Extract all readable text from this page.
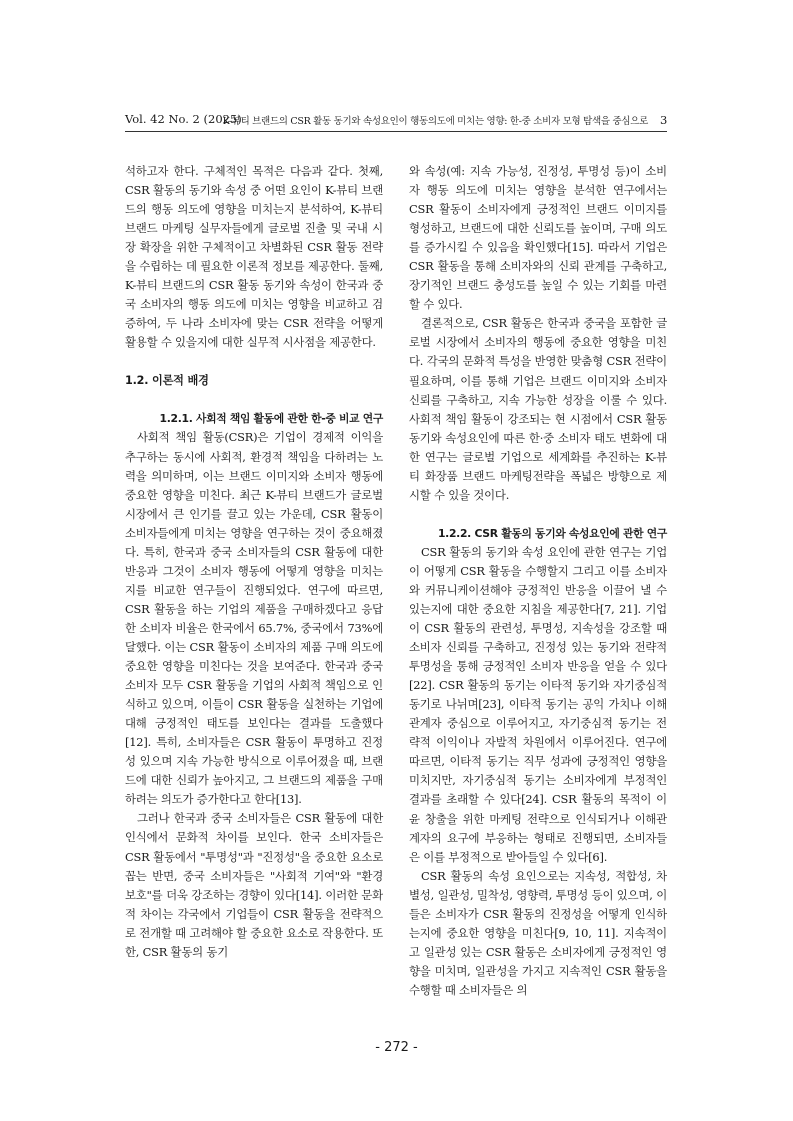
Vol. 42 No. 2 (2025)
K-뷰티 브랜드의 CSR 활동 동기와 속성요인이 행동의도에 미치는 영향: 한-중 소비자 모형 탐색을 중심으로 3

석하고자 한다. 구체적인 목적은 다음과 같다. 첫째, CSR 활동의 동기와 속성 중 어떤 요인이 K-뷰티 브랜드의 행동 의도에 영향을 미치는지 분석하여, K-뷰티 브랜드 마케팅 실무자들에게 글로벌 진출 및 국내 시장 확장을 위한 구체적이고 차별화된 CSR 활동 전략을 수립하는 데 필요한 이론적 정보를 제공한다. 둘째, K-뷰티 브랜드의 CSR 활동 동기와 속성이 한국과 중국 소비자의 행동 의도에 미치는 영향을 비교하고 검증하여, 두 나라 소비자에 맞는 CSR 전략을 어떻게 활용할 수 있을지에 대한 실무적 시사점을 제공한다.

1.2. 이론적 배경
1.2.1. 사회적 책임 활동에 관한 한-중 비교 연구

사회적 책임 활동(CSR)은 기업이 경제적 이익을 추구하는 동시에 사회적, 환경적 책임을 다하려는 노력을 의미하며, 이는 브랜드 이미지와 소비자 행동에 중요한 영향을 미친다. 최근 K-뷰티 브랜드가 글로벌 시장에서 큰 인기를 끌고 있는 가운데, CSR 활동이 소비자들에게 미치는 영향을 연구하는 것이 중요해졌다. 특히, 한국과 중국 소비자들의 CSR 활동에 대한 반응과 그것이 소비자 행동에 어떻게 영향을 미치는지를 비교한 연구들이 진행되었다. 연구에 따르면, CSR 활동을 하는 기업의 제품을 구매하겠다고 응답한 소비자 비율은 한국에서 65.7%, 중국에서 73%에 달했다. 이는 CSR 활동이 소비자의 제품 구매 의도에 중요한 영향을 미친다는 것을 보여준다. 한국과 중국 소비자 모두 CSR 활동을 기업의 사회적 책임으로 인식하고 있으며, 이들이 CSR 활동을 실천하는 기업에 대해 긍정적인 태도를 보인다는 결과를 도출했다[12]. 특히, 소비자들은 CSR 활동이 투명하고 진정성 있으며 지속 가능한 방식으로 이루어졌을 때, 브랜드에 대한 신뢰가 높아지고, 그 브랜드의 제품을 구매하려는 의도가 증가한다고 한다[13].

그러나 한국과 중국 소비자들은 CSR 활동에 대한 인식에서 문화적 차이를 보인다. 한국 소비자들은 CSR 활동에서 "투명성"과 "진정성"을 중요한 요소로 꼽는 반면, 중국 소비자들은 "사회적 기여"와 "환경 보호"를 더욱 강조하는 경향이 있다[14]. 이러한 문화적 차이는 각국에서 기업들이 CSR 활동을 전략적으로 전개할 때 고려해야 할 중요한 요소로 작용한다. 또한, CSR 활동의 동기

와 속성(예: 지속 가능성, 진정성, 투명성 등)이 소비자 행동 의도에 미치는 영향을 분석한 연구에서는 CSR 활동이 소비자에게 긍정적인 브랜드 이미지를 형성하고, 브랜드에 대한 신뢰도를 높이며, 구매 의도를 증가시킬 수 있음을 확인했다[15]. 따라서 기업은 CSR 활동을 통해 소비자와의 신뢰 관계를 구축하고, 장기적인 브랜드 충성도를 높일 수 있는 기회를 마련할 수 있다.

결론적으로, CSR 활동은 한국과 중국을 포함한 글로벌 시장에서 소비자의 행동에 중요한 영향을 미친다. 각국의 문화적 특성을 반영한 맞춤형 CSR 전략이 필요하며, 이를 통해 기업은 브랜드 이미지와 소비자 신뢰를 구축하고, 지속 가능한 성장을 이룰 수 있다. 사회적 책임 활동이 강조되는 현 시점에서 CSR 활동 동기와 속성요인에 따른 한·중 소비자 태도 변화에 대한 연구는 글로벌 기업으로 세계화를 추진하는 K-뷰티 화장품 브랜드 마케팅전략을 폭넓은 방향으로 제시할 수 있을 것이다.

1.2.2. CSR 활동의 동기와 속성요인에 관한 연구

CSR 활동의 동기와 속성 요인에 관한 연구는 기업이 어떻게 CSR 활동을 수행할지 그리고 이를 소비자와 커뮤니케이션해야 긍정적인 반응을 이끌어 낼 수 있는지에 대한 중요한 지침을 제공한다[7, 21]. 기업이 CSR 활동의 관련성, 투명성, 지속성을 강조할 때 소비자 신뢰를 구축하고, 진정성 있는 동기와 전략적 투명성을 통해 긍정적인 소비자 반응을 얻을 수 있다[22]. CSR 활동의 동기는 이타적 동기와 자기중심적 동기로 나뉘며[23], 이타적 동기는 공익 가치나 이해관계자 중심으로 이루어지고, 자기중심적 동기는 전략적 이익이나 자발적 차원에서 이루어진다. 연구에 따르면, 이타적 동기는 직무 성과에 긍정적인 영향을 미치지만, 자기중심적 동기는 소비자에게 부정적인 결과를 초래할 수 있다[24]. CSR 활동의 목적이 이윤 창출을 위한 마케팅 전략으로 인식되거나 이해관계자의 요구에 부응하는 형태로 진행되면, 소비자들은 이를 부정적으로 받아들일 수 있다[6].

CSR 활동의 속성 요인으로는 지속성, 적합성, 차별성, 일관성, 밀착성, 영향력, 투명성 등이 있으며, 이들은 소비자가 CSR 활동의 진정성을 어떻게 인식하는지에 중요한 영향을 미친다[9, 10, 11]. 지속적이고 일관성 있는 CSR 활동은 소비자에게 긍정적인 영향을 미치며, 일관성을 가지고 지속적인 CSR 활동을 수행할 때 소비자들은 의

- 272 -
